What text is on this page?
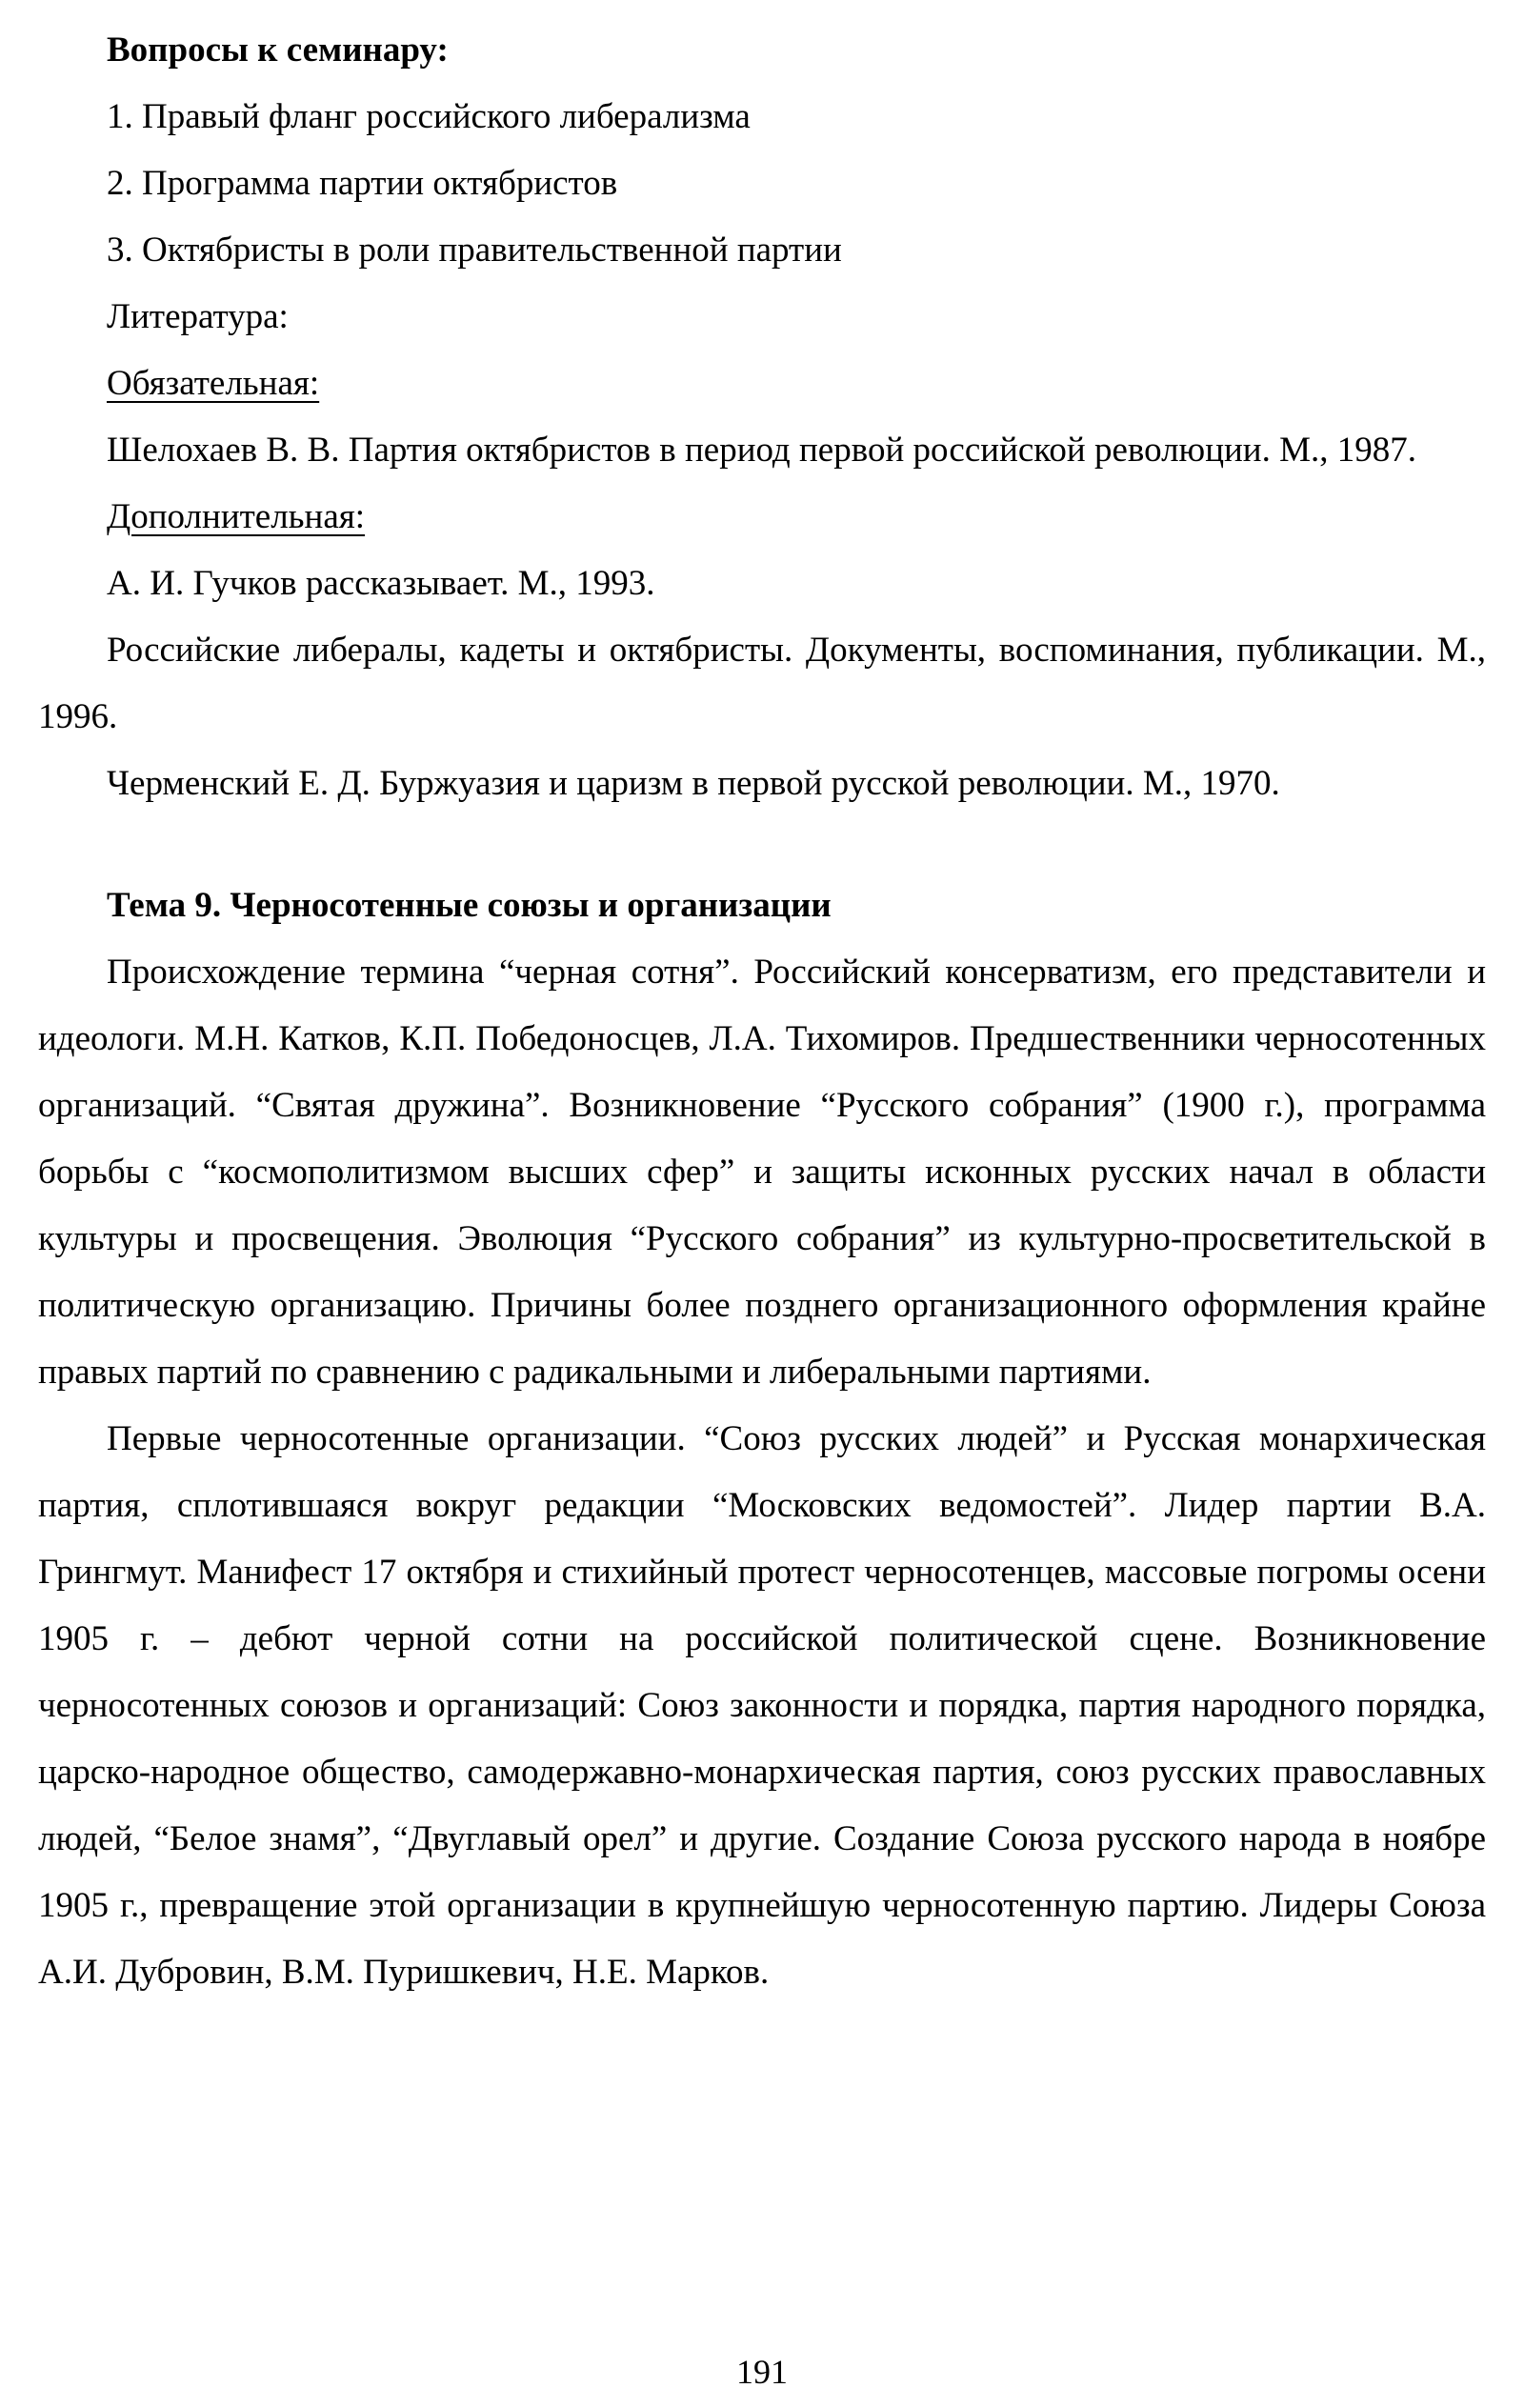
Вопросы к семинару:

1. Правый фланг российского либерализма
2. Программа партии октябристов
3. Октябристы в роли правительственной партии

Литература:

Обязательная:

Шелохаев В. В. Партия октябристов в период первой российской революции. М., 1987.

Дополнительная:

А. И. Гучков рассказывает. М., 1993.

Российские либералы, кадеты и октябристы. Документы, воспоминания, публикации. М., 1996.

Черменский Е. Д. Буржуазия и царизм в первой русской революции. М., 1970.

Тема 9. Черносотенные союзы и организации

Происхождение термина “черная сотня”. Российский консерватизм, его представители и идеологи. М.Н. Катков, К.П. Победоносцев, Л.А. Тихомиров. Предшественники черносотенных организаций. “Святая дружина”. Возникновение “Русского собрания” (1900 г.), программа борьбы с “космополитизмом высших сфер” и защиты исконных русских начал в области культуры и просвещения. Эволюция “Русского собрания” из культурно-просветительской в политическую организацию. Причины более позднего организационного оформления крайне правых партий по сравнению с радикальными и либеральными партиями.

Первые черносотенные организации. “Союз русских людей” и Русская монархическая партия, сплотившаяся вокруг редакции “Московских ведомостей”. Лидер партии В.А. Грингмут. Манифест 17 октября и стихийный протест черносотенцев, массовые погромы осени 1905 г. – дебют черной сотни на российской политической сцене. Возникновение черносотенных союзов и организаций: Союз законности и порядка, партия народного порядка, царско-народное общество, самодержавно-монархическая партия, союз русских православных людей, “Белое знамя”, “Двуглавый орел” и другие. Создание Союза русского народа в ноябре 1905 г., превращение этой организации в крупнейшую черносотенную партию. Лидеры Союза А.И. Дубровин, В.М. Пуришкевич, Н.Е. Марков.

191
